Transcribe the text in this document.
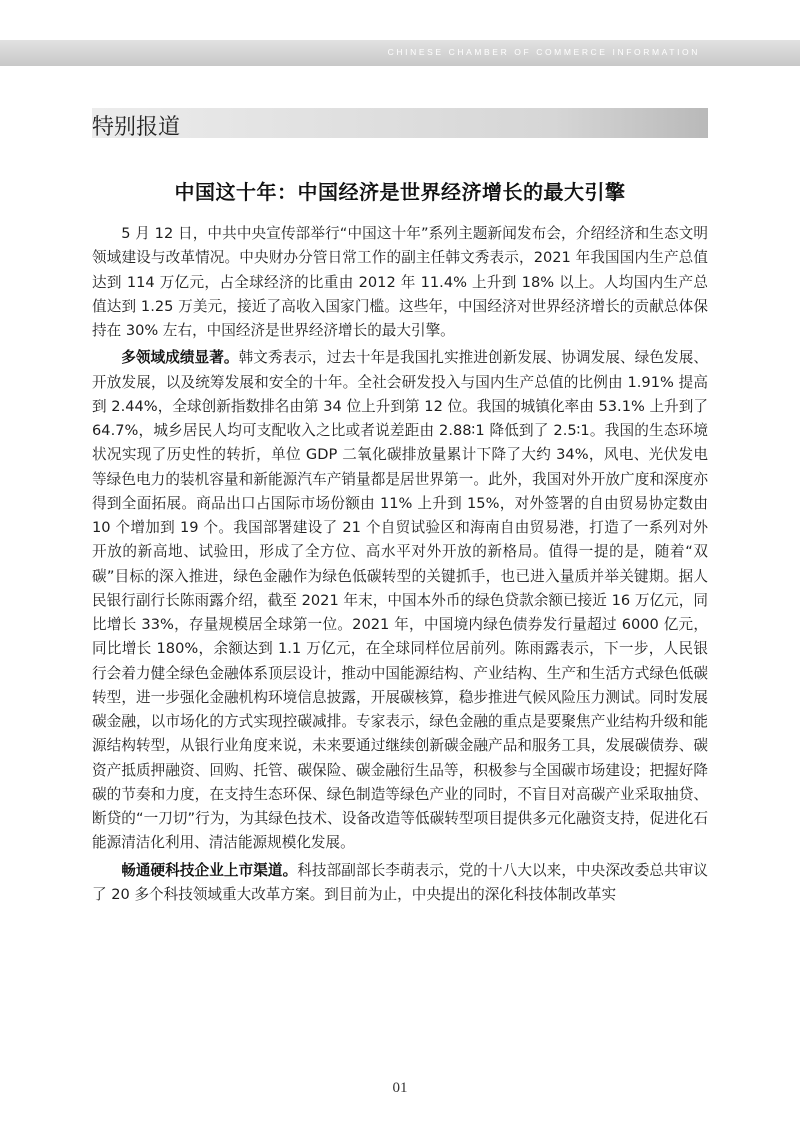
CHINESE CHAMBER OF COMMERCE INFORMATION
特别报道
中国这十年：中国经济是世界经济增长的最大引擎

5 月 12 日，中共中央宣传部举行“中国这十年”系列主题新闻发布会，介绍经济和生态文明领域建设与改革情况。中央财办分管日常工作的副主任韩文秀表示，2021 年我国国内生产总值达到 114 万亿元，占全球经济的比重由 2012 年 11.4% 上升到 18% 以上。人均国内生产总值达到 1.25 万美元，接近了高收入国家门槛。这些年，中国经济对世界经济增长的贡献总体保持在 30% 左右，中国经济是世界经济增长的最大引擎。

多领域成绩显著。韩文秀表示，过去十年是我国扎实推进创新发展、协调发展、绿色发展、开放发展，以及统筹发展和安全的十年。全社会研发投入与国内生产总值的比例由 1.91% 提高到 2.44%，全球创新指数排名由第 34 位上升到第 12 位。我国的城镇化率由 53.1% 上升到了 64.7%，城乡居民人均可支配收入之比或者说差距由 2.88∶1 降低到了 2.5∶1。我国的生态环境状况实现了历史性的转折，单位 GDP 二氧化碳排放量累计下降了大约 34%，风电、光伏发电等绿色电力的装机容量和新能源汽车产销量都是居世界第一。此外，我国对外开放广度和深度亦得到全面拓展。商品出口占国际市场份额由 11% 上升到 15%，对外签署的自由贸易协定数由 10 个增加到 19 个。我国部署建设了 21 个自贸试验区和海南自由贸易港，打造了一系列对外开放的新高地、试验田，形成了全方位、高水平对外开放的新格局。值得一提的是，随着“双碳”目标的深入推进，绿色金融作为绿色低碳转型的关键抓手，也已进入量质并举关键期。据人民银行副行长陈雨露介绍，截至 2021 年末，中国本外币的绿色贷款余额已接近 16 万亿元，同比增长 33%，存量规模居全球第一位。2021 年，中国境内绿色债券发行量超过 6000 亿元，同比增长 180%，余额达到 1.1 万亿元，在全球同样位居前列。陈雨露表示，下一步，人民银行会着力健全绿色金融体系顶层设计，推动中国能源结构、产业结构、生产和生活方式绿色低碳转型，进一步强化金融机构环境信息披露，开展碳核算，稳步推进气候风险压力测试。同时发展碳金融，以市场化的方式实现控碳减排。专家表示，绿色金融的重点是要聚焦产业结构升级和能源结构转型，从银行业角度来说，未来要通过继续创新碳金融产品和服务工具，发展碳债券、碳资产抵质押融资、回购、托管、碳保险、碳金融衍生品等，积极参与全国碳市场建设；把握好降碳的节奏和力度，在支持生态环保、绿色制造等绿色产业的同时，不盲目对高碳产业采取抽贷、断贷的“一刀切”行为，为其绿色技术、设备改造等低碳转型项目提供多元化融资支持，促进化石能源清洁化利用、清洁能源规模化发展。

畅通硬科技企业上市渠道。科技部副部长李萌表示，党的十八大以来，中央深改委总共审议了 20 多个科技领域重大改革方案。到目前为止，中央提出的深化科技体制改革实

01
